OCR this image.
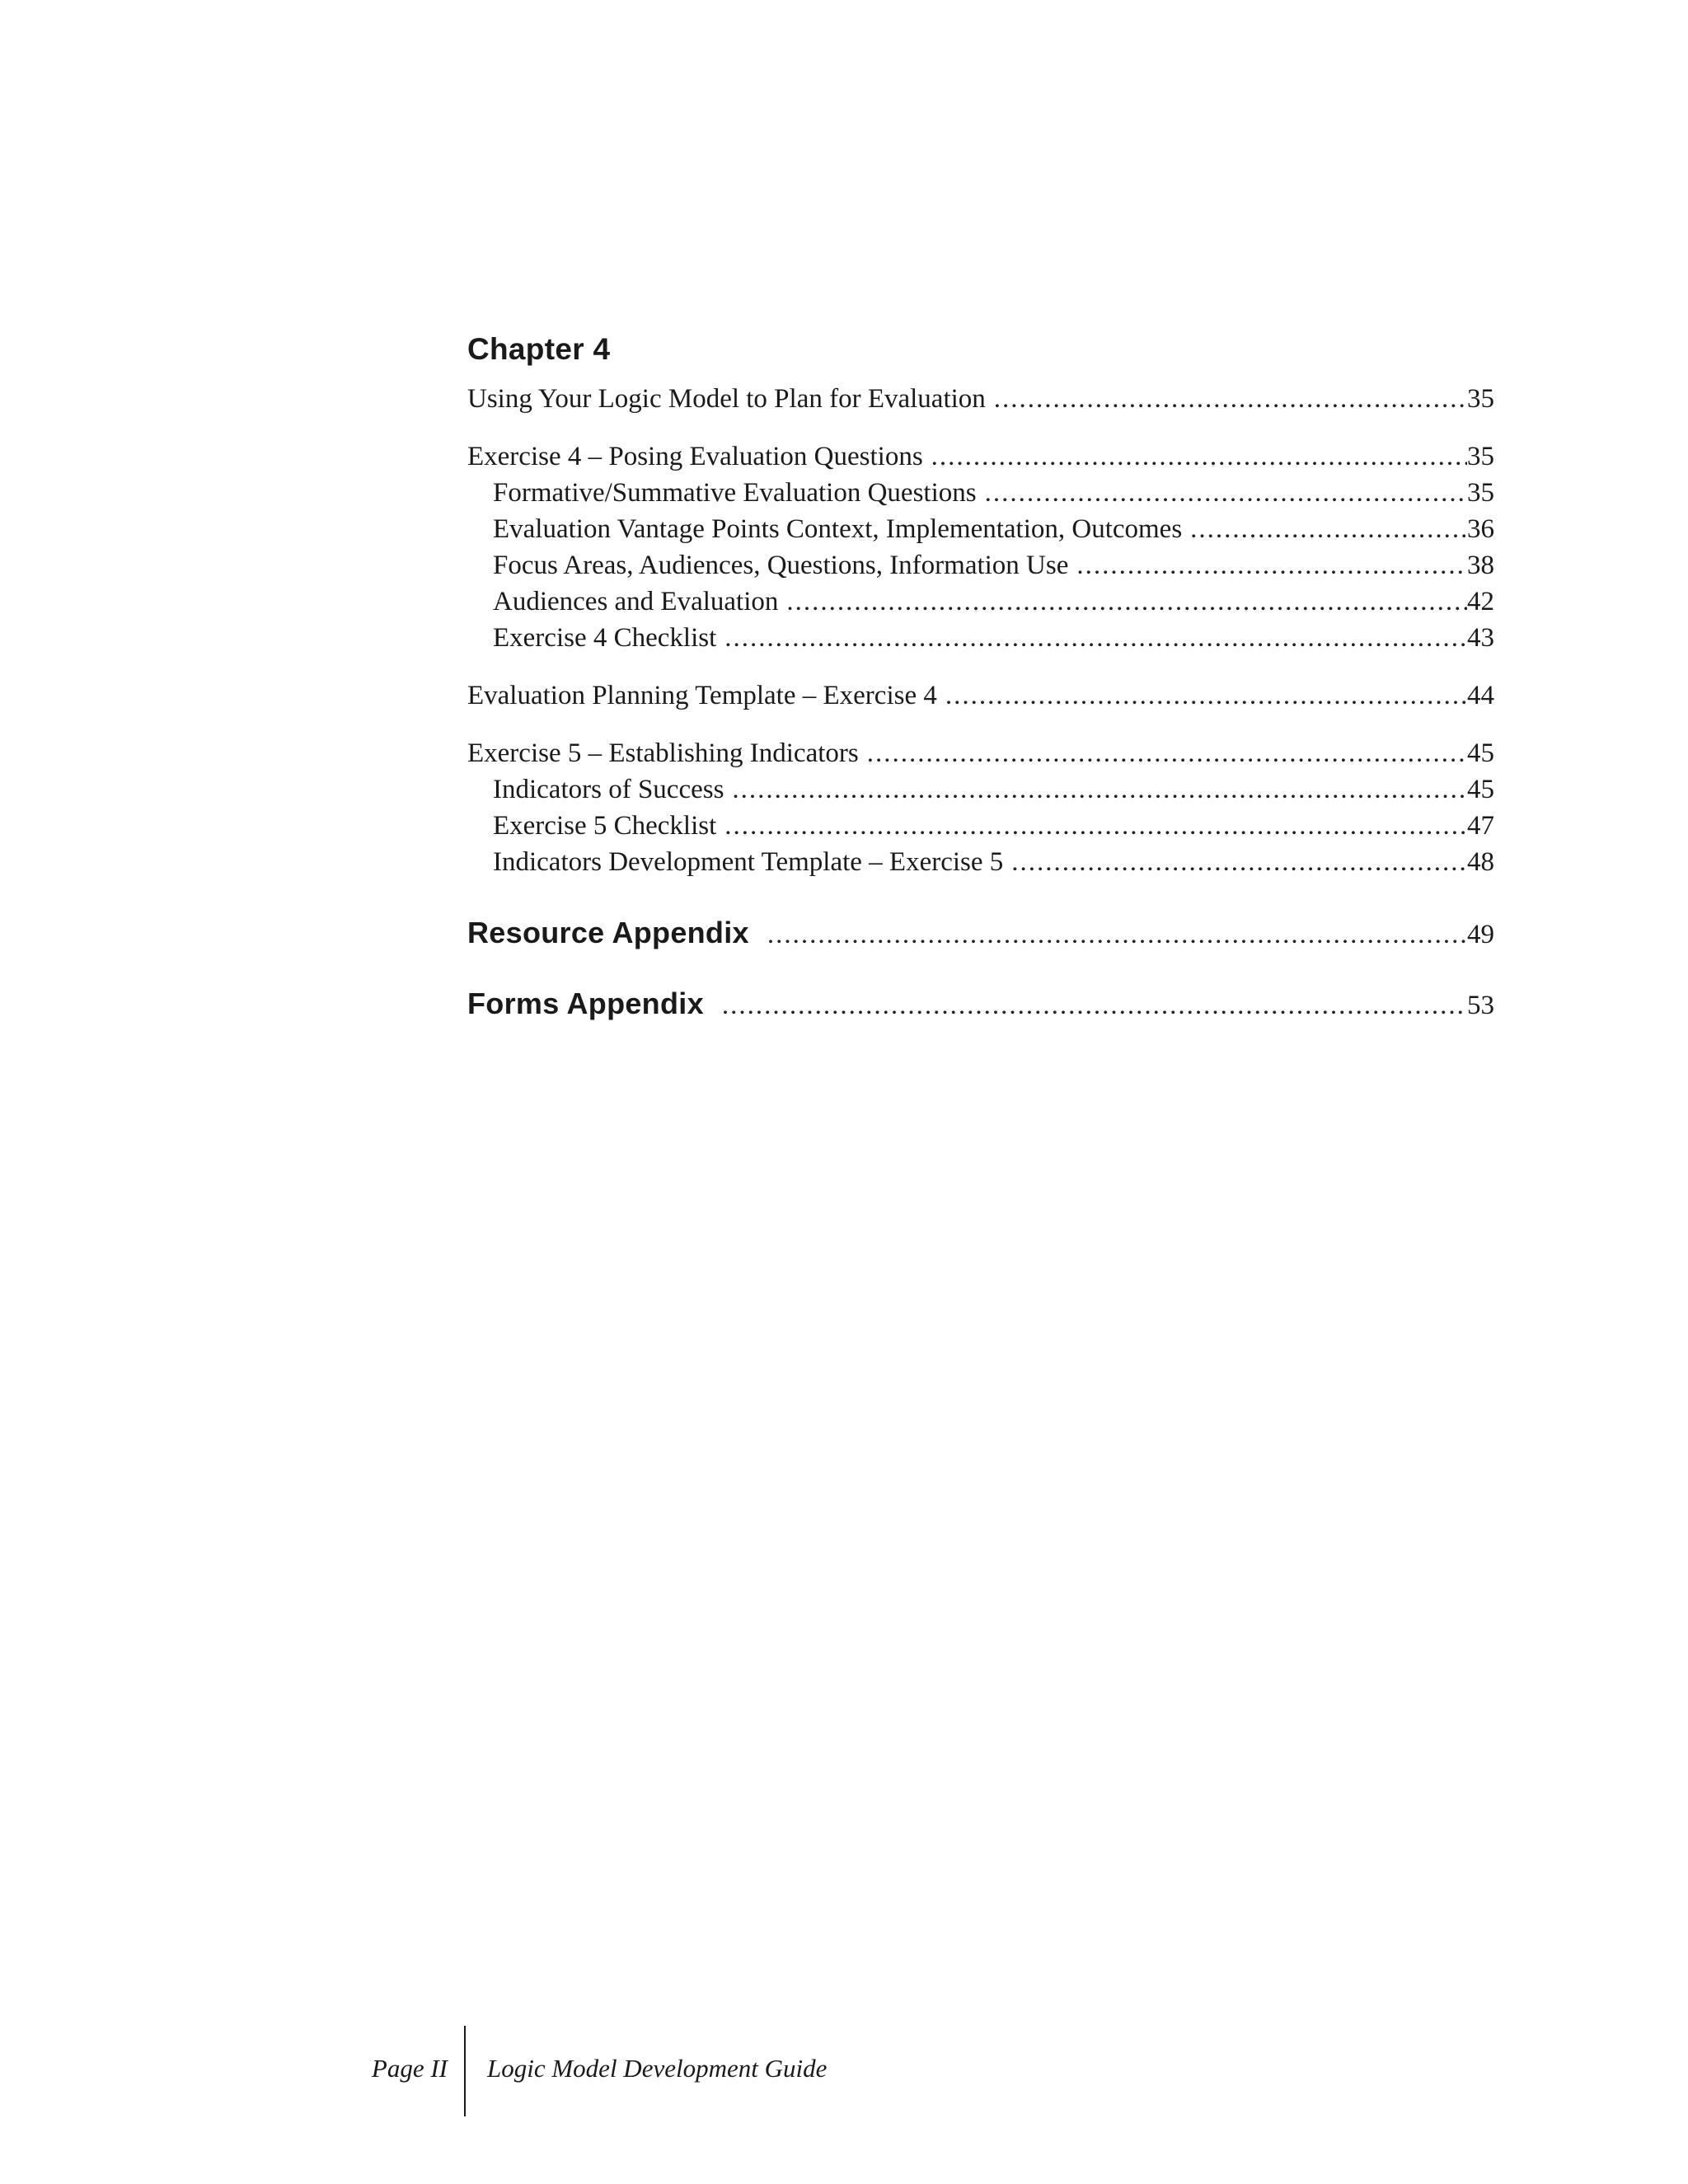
Chapter 4
Using Your Logic Model to Plan for Evaluation .....	35
Exercise 4 – Posing Evaluation Questions .....	35
Formative/Summative Evaluation Questions .....	35
Evaluation Vantage Points Context, Implementation, Outcomes .....	36
Focus Areas, Audiences, Questions, Information Use .....	38
Audiences and Evaluation .....	42
Exercise 4 Checklist .....	43
Evaluation Planning Template – Exercise 4 .....	44
Exercise 5 – Establishing Indicators .....	45
Indicators of Success .....	45
Exercise 5 Checklist .....	47
Indicators Development Template – Exercise 5 .....	48
Resource Appendix .....	49
Forms Appendix .....	53
Page II Logic Model Development Guide
